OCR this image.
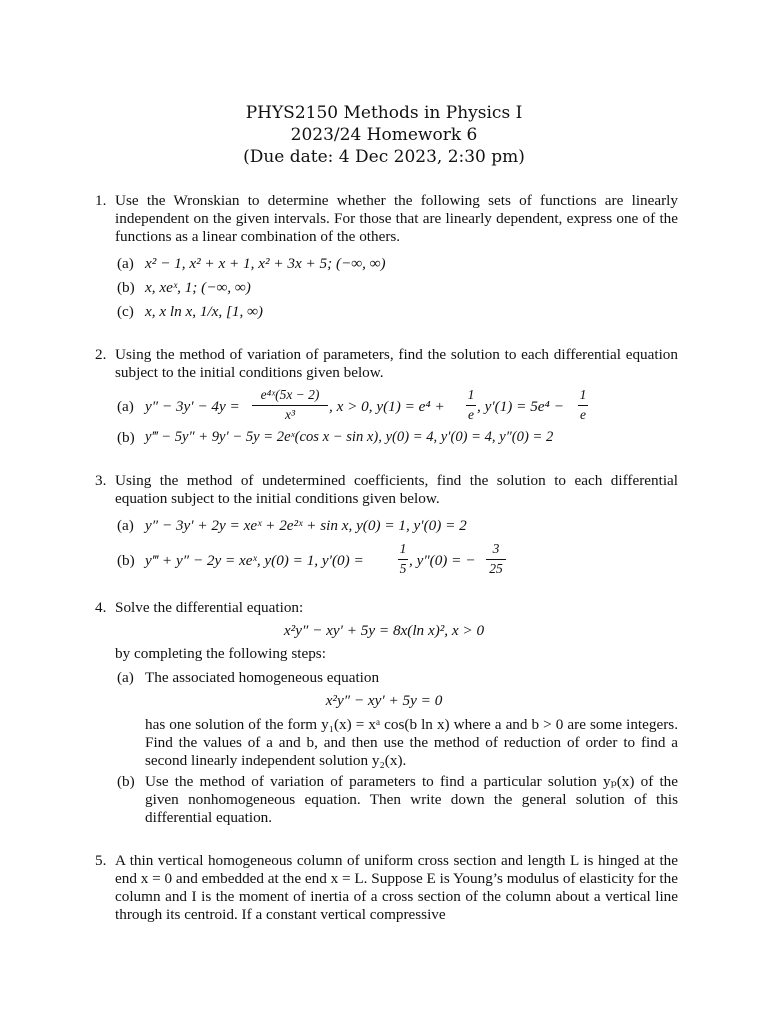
PHYS2150 Methods in Physics I
2023/24 Homework 6
(Due date: 4 Dec 2023, 2:30 pm)
1. Use the Wronskian to determine whether the following sets of functions are linearly independent on the given intervals. For those that are linearly dependent, express one of the functions as a linear combination of the others.
(a) x² − 1, x² + x + 1, x² + 3x + 5; (−∞, ∞)
(b) x, xeˣ, 1; (−∞, ∞)
(c) x, x ln x, 1/x, [1, ∞)
2. Using the method of variation of parameters, find the solution to each differential equation subject to the initial conditions given below.
(a) y″ − 3y′ − 4y =
e⁴ˣ(5x − 2)
x³	, x > 0, y(1) = e⁴ +
1
e , y′(1) = 5e⁴ −
1
e
(b) y‴ − 5y″ + 9y′ − 5y = 2eˣ(cos x − sin x), y(0) = 4, y′(0) = 4, y″(0) = 2
3. Using the method of undetermined coefficients, find the solution to each differential equation subject to the initial conditions given below.
(a) y″ − 3y′ + 2y = xeˣ + 2e²ˣ + sin x, y(0) = 1, y′(0) = 2
(b) y‴ + y″ − 2y = xeˣ, y(0) = 1, y′(0) =
1
5 , y″(0) = −
3
25
4. Solve the differential equation:
x²y″ − xy′ + 5y = 8x(ln x)², x > 0
by completing the following steps:
(a) The associated homogeneous equation
x²y″ − xy′ + 5y = 0
has one solution of the form y₁(x) = xᵃ cos(b ln x) where a and b > 0 are some integers. Find the values of a and b, and then use the method of reduction of order to find a second linearly independent solution y₂(x).
(b) Use the method of variation of parameters to find a particular solution yₚ(x) of the given nonhomogeneous equation. Then write down the general solution of this differential equation.
5. A thin vertical homogeneous column of uniform cross section and length L is hinged at the end x = 0 and embedded at the end x = L. Suppose E is Young’s modulus of elasticity for the column and I is the moment of inertia of a cross section of the column about a vertical line through its centroid. If a constant vertical compressive
